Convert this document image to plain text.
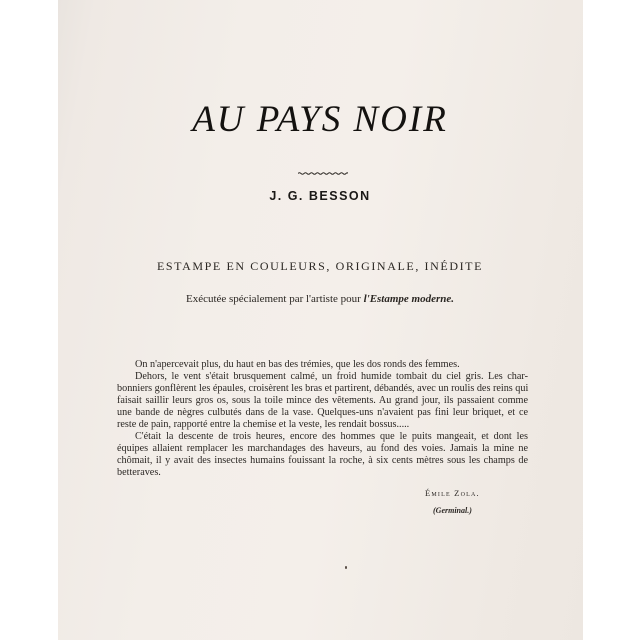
AU PAYS NOIR
J. G. BESSON
ESTAMPE EN COULEURS, ORIGINALE, INÉDITE
Exécutée spécialement par l'artiste pour l'Estampe moderne.
On n'apercevait plus, du haut en bas des trémies, que les dos ronds des femmes.
Dehors, le vent s'était brusquement calmé, un froid humide tombait du ciel gris. Les char-
bonniers gonflèrent les épaules, croisèrent les bras et partirent, débandés, avec un roulis des reins qui
faisait saillir leurs gros os, sous la toile mince des vêtements. Au grand jour, ils passaient comme
une bande de nègres culbutés dans de la vase. Quelques-uns n'avaient pas fini leur briquet, et ce
reste de pain, rapporté entre la chemise et la veste, les rendait bossus.....
C'était la descente de trois heures, encore des hommes que le puits mangeait, et dont les
équipes allaient remplacer les marchandages des haveurs, au fond des voies. Jamais la mine ne
chômait, il y avait des insectes humains fouissant la roche, à six cents mètres sous les champs de
betteraves.
Émile Zola.
(Germinal.)
